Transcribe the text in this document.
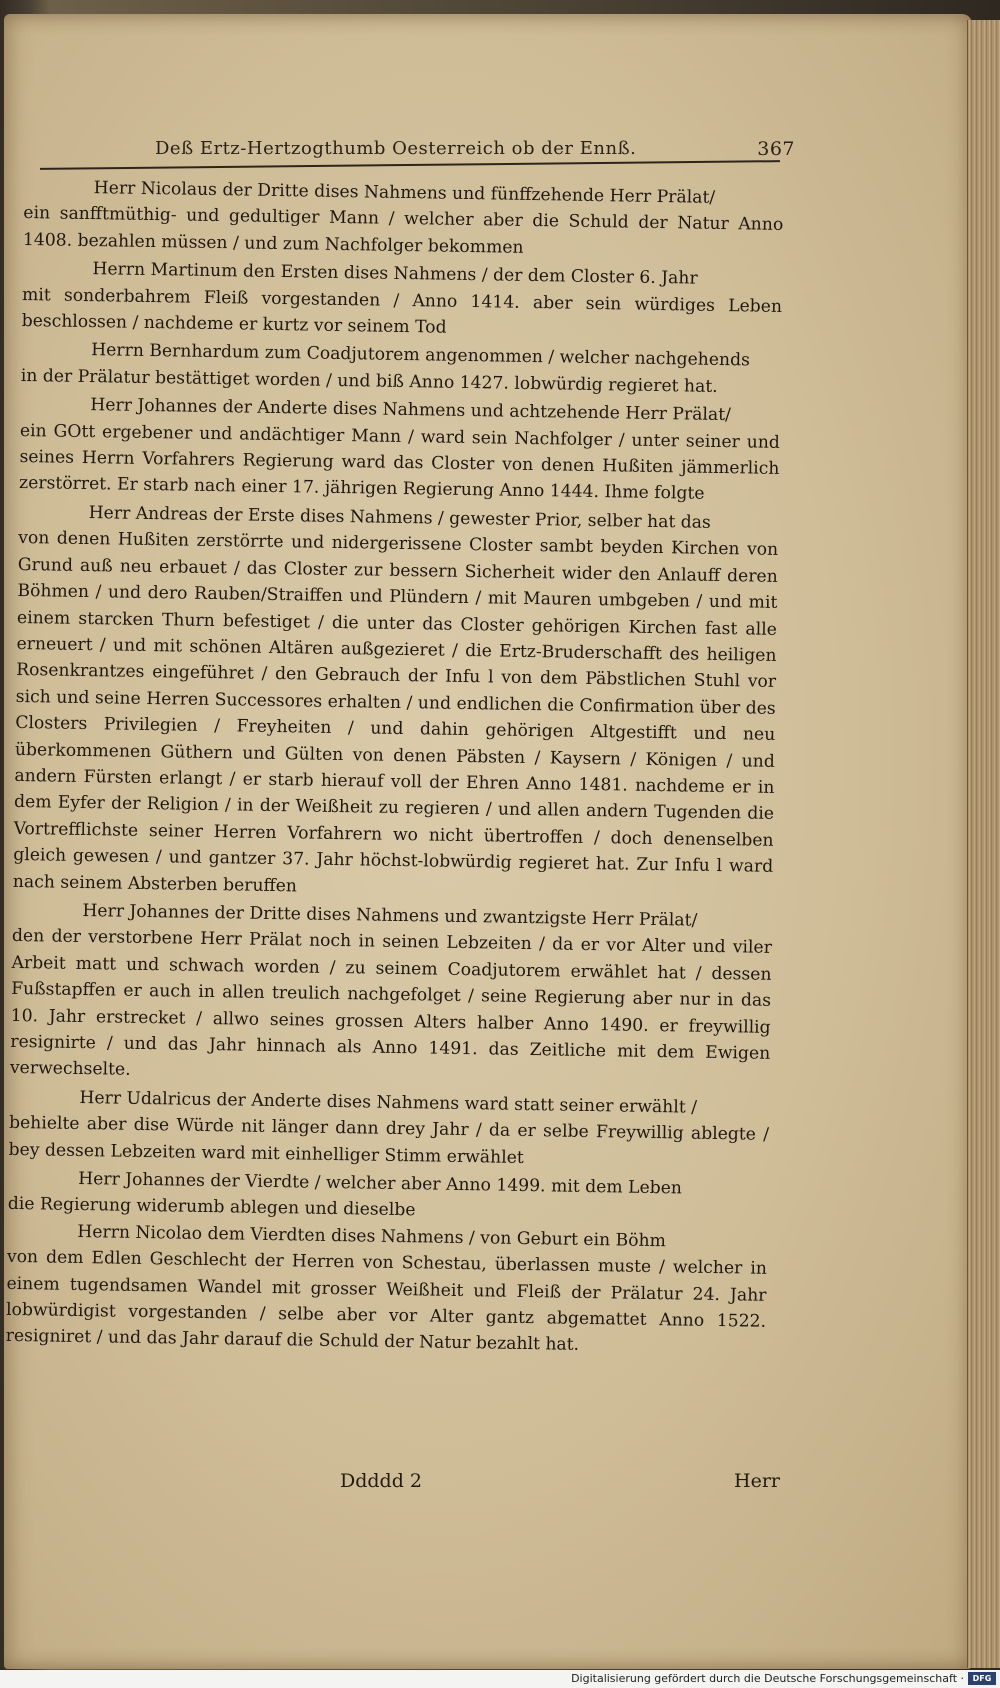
Deß Ertz-Hertzogthumb Oesterreich ob der Ennß.	367
Herr Nicolaus der Dritte dises Nahmens und fünffzehende Herr Prälat/
ein sanfftmüthig- und gedultiger Mann / welcher aber die Schuld der Natur Anno 1408. bezahlen müssen / und zum Nachfolger bekommen
Herrn Martinum den Ersten dises Nahmens / der dem Closter 6. Jahr
mit sonderbahrem Fleiß vorgestanden / Anno 1414. aber sein würdiges Leben beschlossen / nachdeme er kurtz vor seinem Tod
Herrn Bernhardum zum Coadjutorem angenommen / welcher nachgehends
in der Prälatur bestättiget worden / und biß Anno 1427. lobwürdig regieret hat.
Herr Johannes der Anderte dises Nahmens und achtzehende Herr Prälat/
ein GOtt ergebener und andächtiger Mann / ward sein Nachfolger / unter seiner und seines Herrn Vorfahrers Regierung ward das Closter von denen Hußiten jämmerlich zerstörret. Er starb nach einer 17. jährigen Regierung Anno 1444. Ihme folgte
Herr Andreas der Erste dises Nahmens / gewester Prior, selber hat das
von denen Hußiten zerstörrte und nidergerissene Closter sambt beyden Kirchen von Grund auß neu erbauet / das Closter zur bessern Sicherheit wider den Anlauff deren Böhmen / und dero Rauben/Straiffen und Plündern / mit Mauren umbgeben / und mit einem starcken Thurn befestiget / die unter das Closter gehörigen Kirchen fast alle erneuert / und mit schönen Altären außgezieret / die Ertz-Bruderschafft des heiligen Rosenkrantzes eingeführet / den Gebrauch der Infu l von dem Päbstlichen Stuhl vor sich und seine Herren Successores erhalten / und endlichen die Confirmation über des Closters Privilegien / Freyheiten / und dahin gehörigen Altgestifft und neu überkommenen Güthern und Gülten von denen Päbsten / Kaysern / Königen / und andern Fürsten erlangt / er starb hierauf voll der Ehren Anno 1481. nachdeme er in dem Eyfer der Religion / in der Weißheit zu regieren / und allen andern Tugenden die Vortrefflichste seiner Herren Vorfahrern wo nicht übertroffen / doch denenselben gleich gewesen / und gantzer 37. Jahr höchst-lobwürdig regieret hat. Zur Infu l ward nach seinem Absterben beruffen
Herr Johannes der Dritte dises Nahmens und zwantzigste Herr Prälat/
den der verstorbene Herr Prälat noch in seinen Lebzeiten / da er vor Alter und viler Arbeit matt und schwach worden / zu seinem Coadjutorem erwählet hat / dessen Fußstapffen er auch in allen treulich nachgefolget / seine Regierung aber nur in das 10. Jahr erstrecket / allwo seines grossen Alters halber Anno 1490. er freywillig resignirte / und das Jahr hinnach als Anno 1491. das Zeitliche mit dem Ewigen verwechselte.
Herr Udalricus der Anderte dises Nahmens ward statt seiner erwählt /
behielte aber dise Würde nit länger dann drey Jahr / da er selbe Freywillig ablegte / bey dessen Lebzeiten ward mit einhelliger Stimm erwählet
Herr Johannes der Vierdte / welcher aber Anno 1499. mit dem Leben
die Regierung widerumb ablegen und dieselbe
Herrn Nicolao dem Vierdten dises Nahmens / von Geburt ein Böhm
von dem Edlen Geschlecht der Herren von Schestau, überlassen muste / welcher in einem tugendsamen Wandel mit grosser Weißheit und Fleiß der Prälatur 24. Jahr lobwürdigist vorgestanden / selbe aber vor Alter gantz abgemattet Anno 1522. resigniret / und das Jahr darauf die Schuld der Natur bezahlt hat.
Ddddd 2	Herr
Digitalisierung gefördert durch die Deutsche Forschungsgemeinschaft ·	DFG
